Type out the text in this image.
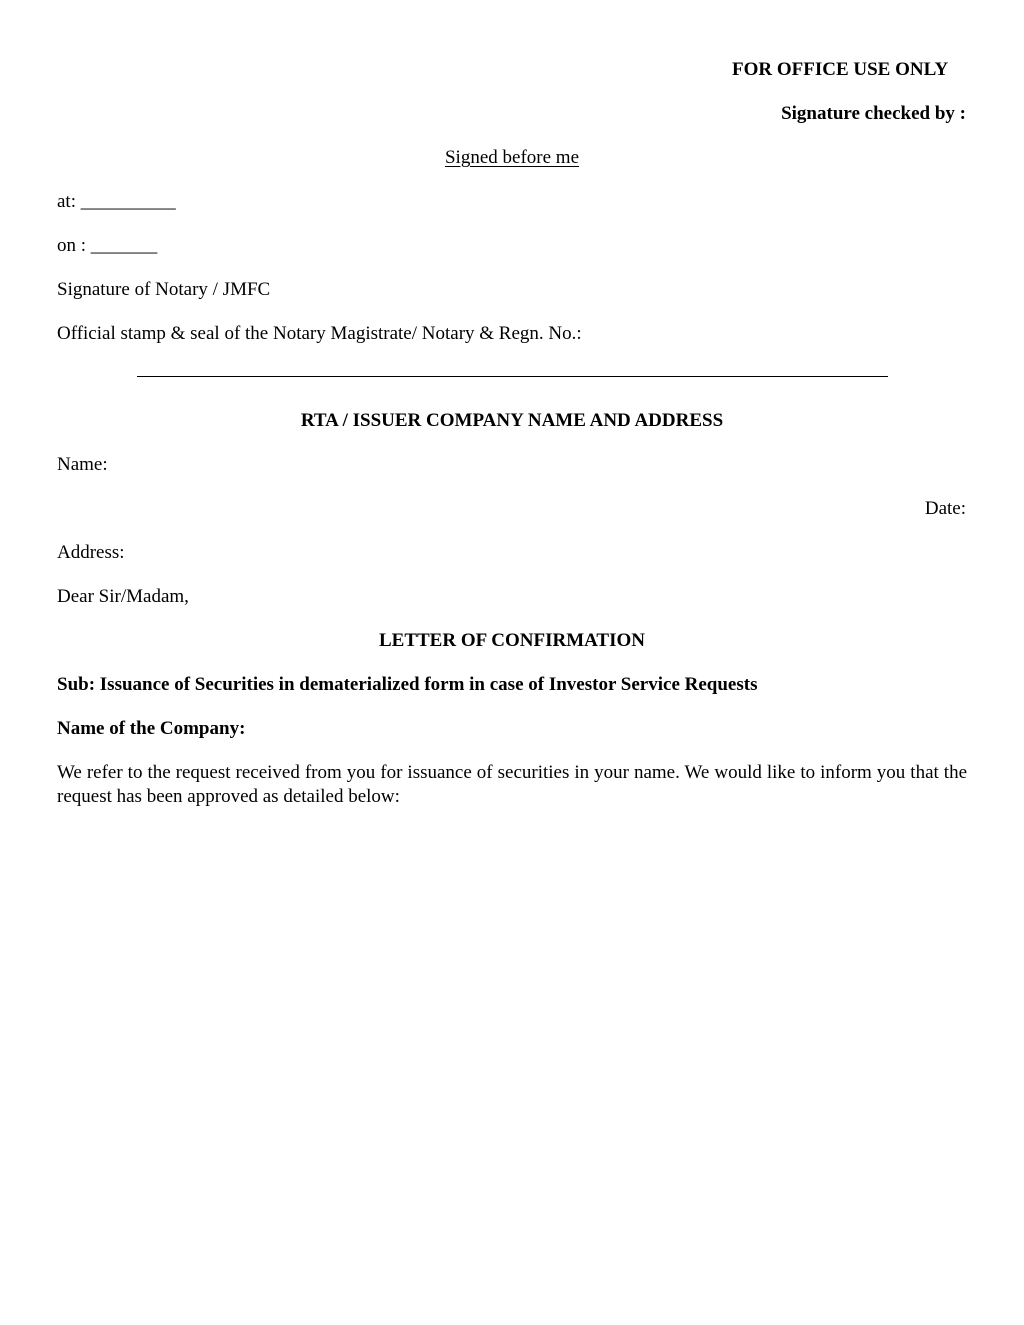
FOR OFFICE USE ONLY

Signature checked by :

Signed before me

at: __________

on : _______

Signature of Notary / JMFC

Official stamp & seal of the Notary Magistrate/ Notary & Regn. No.:

RTA / ISSUER COMPANY NAME AND ADDRESS

Name:

Date:

Address:

Dear Sir/Madam,

LETTER OF CONFIRMATION

Sub: Issuance of Securities in dematerialized form in case of Investor Service Requests

Name of the Company:

We refer to the request received from you for issuance of securities in your name. We would like to inform you that the request has been approved as detailed below:
